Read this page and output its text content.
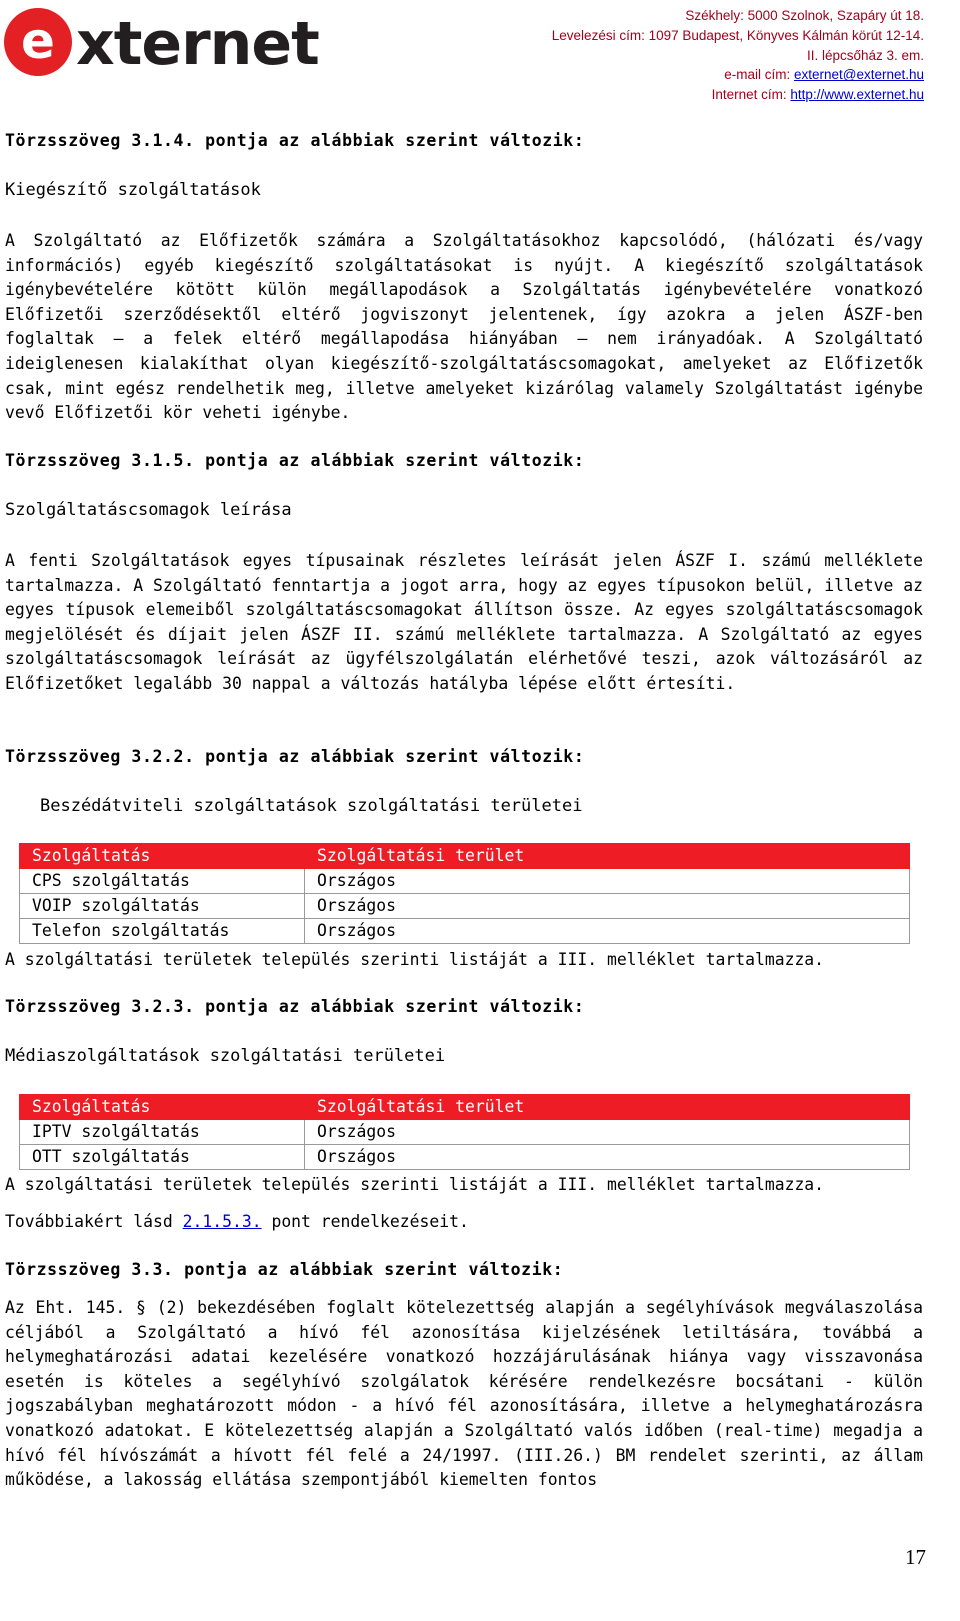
e xternet	Székhely: 5000 Szolnok, Szapáry út 18.
Levelezési cím: 1097 Budapest, Könyves Kálmán körút 12-14.
II. lépcsőház 3. em.
e-mail cím: externet@externet.hu
Internet cím: http://www.externet.hu
Törzsszöveg 3.1.4. pontja az alábbiak szerint változik:
Kiegészítő szolgáltatások
A Szolgáltató az Előfizetők számára a Szolgáltatásokhoz kapcsolódó, (hálózati és/vagy információs) egyéb kiegészítő szolgáltatásokat is nyújt. A kiegészítő szolgáltatások igénybevételére kötött külön megállapodások a Szolgáltatás igénybevételére vonatkozó Előfizetői szerződésektől eltérő jogviszonyt jelentenek, így azokra a jelen ÁSZF-ben foglaltak – a felek eltérő megállapodása hiányában – nem irányadóak. A Szolgáltató ideiglenesen kialakíthat olyan kiegészítő-szolgáltatáscsomagokat, amelyeket az Előfizetők csak, mint egész rendelhetik meg, illetve amelyeket kizárólag valamely Szolgáltatást igénybe vevő Előfizetői kör veheti igénybe.
Törzsszöveg 3.1.5. pontja az alábbiak szerint változik:
Szolgáltatáscsomagok leírása
A fenti Szolgáltatások egyes típusainak részletes leírását jelen ÁSZF I. számú melléklete tartalmazza. A Szolgáltató fenntartja a jogot arra, hogy az egyes típusokon belül, illetve az egyes típusok elemeiből szolgáltatáscsomagokat állítson össze. Az egyes szolgáltatáscsomagok megjelölését és díjait jelen ÁSZF II. számú melléklete tartalmazza. A Szolgáltató az egyes szolgáltatáscsomagok leírását az ügyfélszolgálatán elérhetővé teszi, azok változásáról az Előfizetőket legalább 30 nappal a változás hatályba lépése előtt értesíti.
Törzsszöveg 3.2.2. pontja az alábbiak szerint változik:
Beszédátviteli szolgáltatások szolgáltatási területei
Szolgáltatás	Szolgáltatási terület
CPS szolgáltatás	Országos
VOIP szolgáltatás	Országos
Telefon szolgáltatás	Országos
A szolgáltatási területek település szerinti listáját a III. melléklet tartalmazza.
Törzsszöveg 3.2.3. pontja az alábbiak szerint változik:
Médiaszolgáltatások szolgáltatási területei
Szolgáltatás	Szolgáltatási terület
IPTV szolgáltatás	Országos
OTT szolgáltatás	Országos
A szolgáltatási területek település szerinti listáját a III. melléklet tartalmazza.
Továbbiakért lásd 2.1.5.3. pont rendelkezéseit.
Törzsszöveg 3.3. pontja az alábbiak szerint változik:
Az Eht. 145. § (2) bekezdésében foglalt kötelezettség alapján a segélyhívások megválaszolása céljából a Szolgáltató a hívó fél azonosítása kijelzésének letiltására, továbbá a helymeghatározási adatai kezelésére vonatkozó hozzájárulásának hiánya vagy visszavonása esetén is köteles a segélyhívó szolgálatok kérésére rendelkezésre bocsátani - külön jogszabályban meghatározott módon - a hívó fél azonosítására, illetve a helymeghatározásra vonatkozó adatokat. E kötelezettség alapján a Szolgáltató valós időben (real-time) megadja a hívó fél hívószámát a hívott fél felé a 24/1997. (III.26.) BM rendelet szerinti, az állam működése, a lakosság ellátása szempontjából kiemelten fontos
17
